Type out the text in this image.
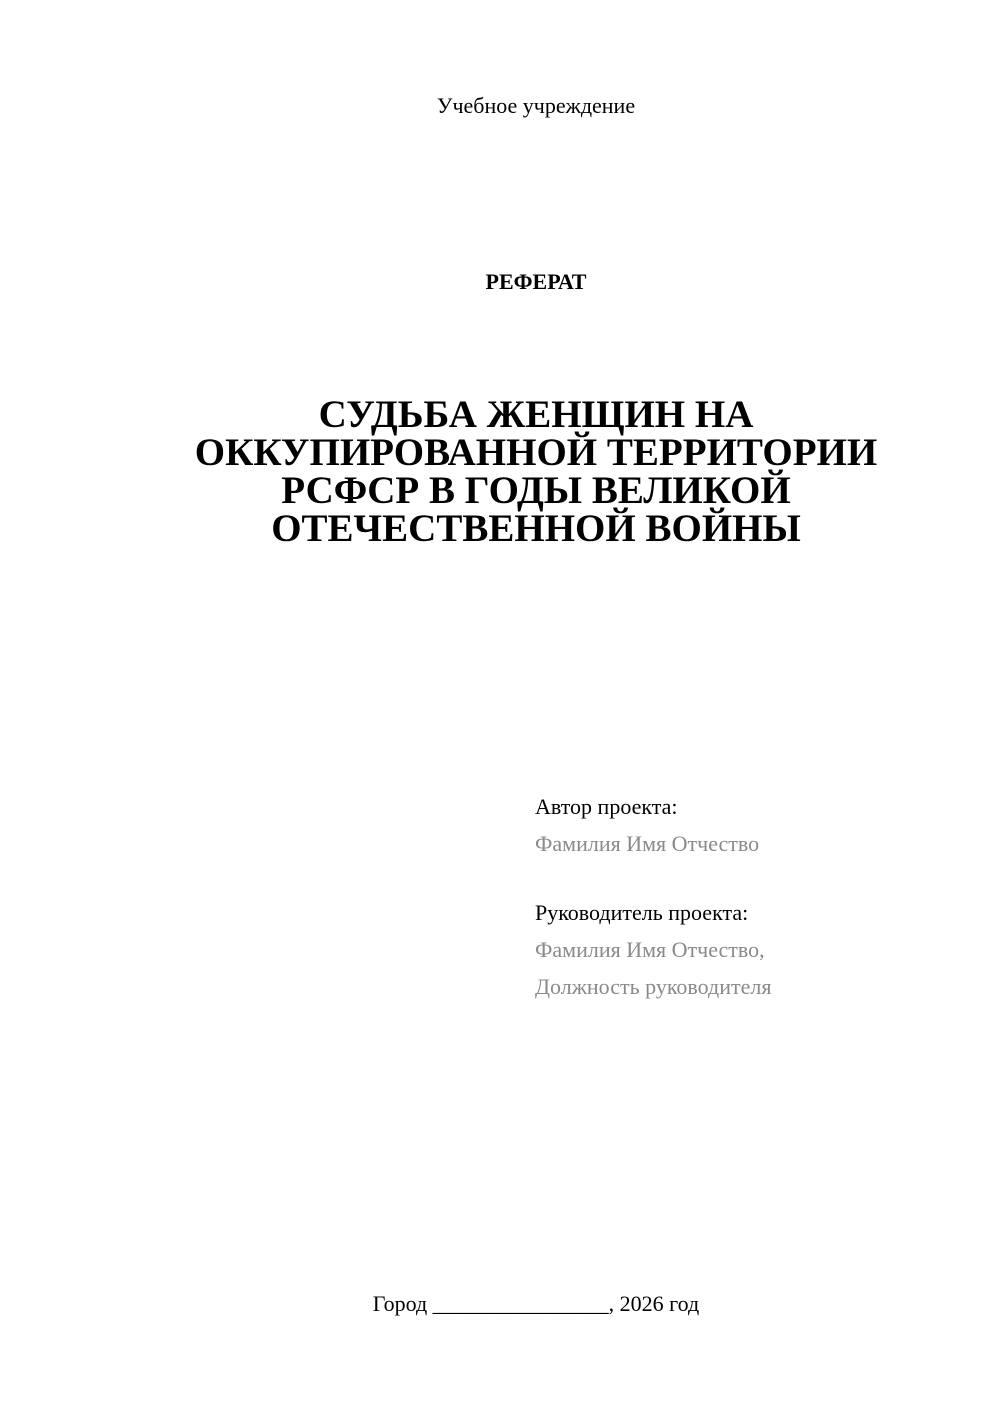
Учебное учреждение
РЕФЕРАТ
СУДЬБА ЖЕНЩИН НА
ОККУПИРОВАННОЙ ТЕРРИТОРИИ
РСФСР В ГОДЫ ВЕЛИКОЙ
ОТЕЧЕСТВЕННОЙ ВОЙНЫ
Автор проекта:
Фамилия Имя Отчество
Руководитель проекта:
Фамилия Имя Отчество,
Должность руководителя
Город ________________, 2026 год
